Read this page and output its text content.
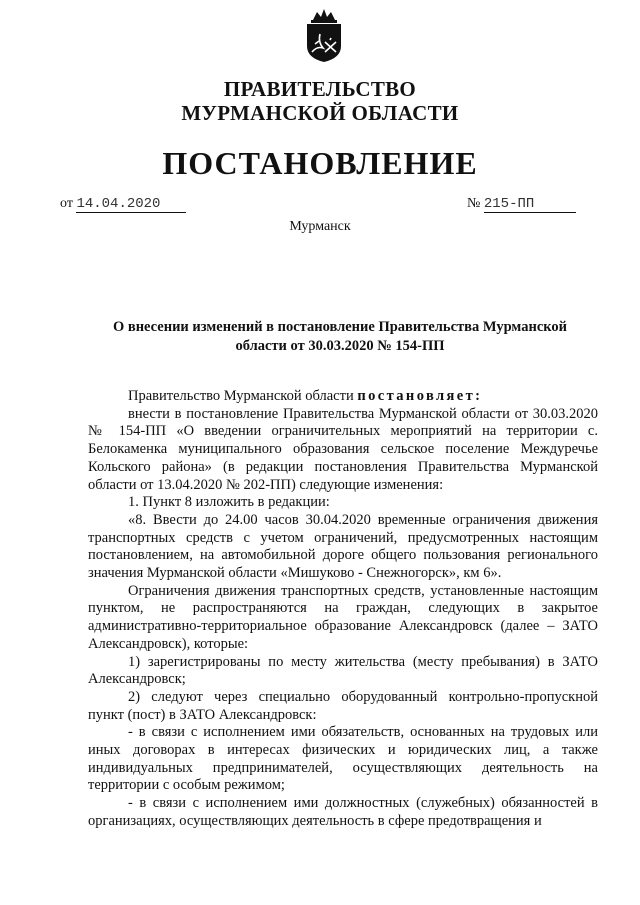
ПРАВИТЕЛЬСТВО
МУРМАНСКОЙ ОБЛАСТИ
ПОСТАНОВЛЕНИЕ
от 14.04.2020	№ 215-ПП
Мурманск
О внесении изменений в постановление Правительства Мурманской
области от 30.03.2020 № 154-ПП

Правительство Мурманской области постановляет:

внести в постановление Правительства Мурманской области от 30.03.2020 № 154-ПП «О введении ограничительных мероприятий на территории с. Белокаменка муниципального образования сельское поселение Междуречье Кольского района» (в редакции постановления Правительства Мурманской области от 13.04.2020 № 202-ПП) следующие изменения:

1. Пункт 8 изложить в редакции:

«8. Ввести до 24.00 часов 30.04.2020 временные ограничения движения транспортных средств с учетом ограничений, предусмотренных настоящим постановлением, на автомобильной дороге общего пользования регионального значения Мурманской области «Мишуково - Снежногорск», км 6».

Ограничения движения транспортных средств, установленные настоящим пунктом, не распространяются на граждан, следующих в закрытое административно-территориальное образование Александровск (далее – ЗАТО Александровск), которые:

1) зарегистрированы по месту жительства (месту пребывания) в ЗАТО Александровск;

2) следуют через специально оборудованный контрольно-пропускной пункт (пост) в ЗАТО Александровск:

- в связи с исполнением ими обязательств, основанных на трудовых или иных договорах в интересах физических и юридических лиц, а также индивидуальных предпринимателей, осуществляющих деятельность на территории с особым режимом;

- в связи с исполнением ими должностных (служебных) обязанностей в организациях, осуществляющих деятельность в сфере предотвращения и
